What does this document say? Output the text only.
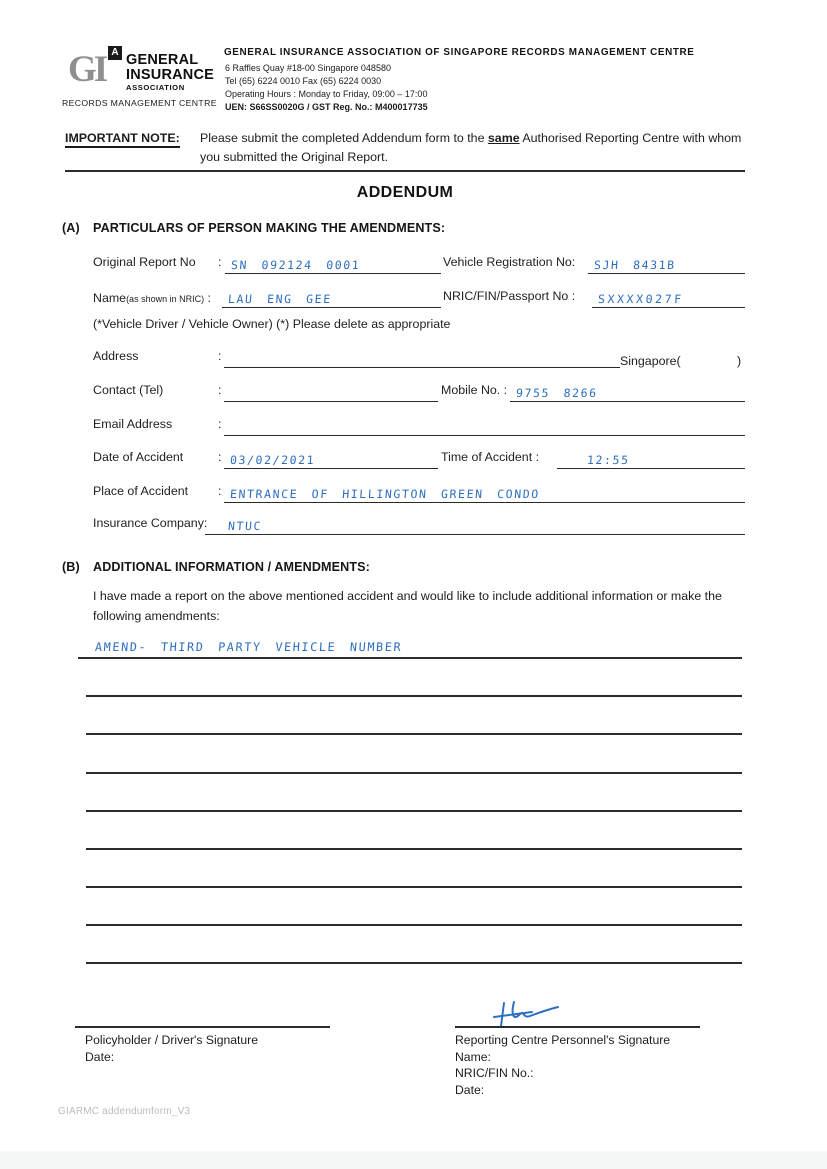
GI A GENERAL
INSURANCE
ASSOCIATION
RECORDS MANAGEMENT CENTRE
GENERAL INSURANCE ASSOCIATION OF SINGAPORE RECORDS MANAGEMENT CENTRE
6 Raffles Quay #18-00 Singapore 048580
Tel (65) 6224 0010 Fax (65) 6224 0030
Operating Hours : Monday to Friday, 09:00 – 17:00
UEN: S66SS0020G / GST Reg. No.: M400017735
IMPORTANT NOTE: Please submit the completed Addendum form to the same Authorised Reporting Centre with whom you submitted the Original Report.
ADDENDUM
(A) PARTICULARS OF PERSON MAKING THE AMENDMENTS:
Original Report No : SN 092124 0001	Vehicle Registration No: SJH 8431B
Name(as shown in NRIC) : LAU ENG GEE	NRIC/FIN/Passport No : SXXXX027F
(*Vehicle Driver / Vehicle Owner) (*) Please delete as appropriate
Address	:	Singapore(	)
Contact (Tel)	:	Mobile No. : 9755 8266
Email Address	:
Date of Accident	: 03/02/2021	Time of Accident :	12:55
Place of Accident : ENTRANCE OF HILLINGTON GREEN CONDO
Insurance Company: NTUC
(B) ADDITIONAL INFORMATION / AMENDMENTS:
I have made a report on the above mentioned accident and would like to include additional information or make the following amendments:
AMEND- THIRD PARTY VEHICLE NUMBER
Policyholder / Driver's Signature
Date:
Reporting Centre Personnel's Signature
Name:
NRIC/FIN No.:
Date:
GIARMC addendumform_V3
